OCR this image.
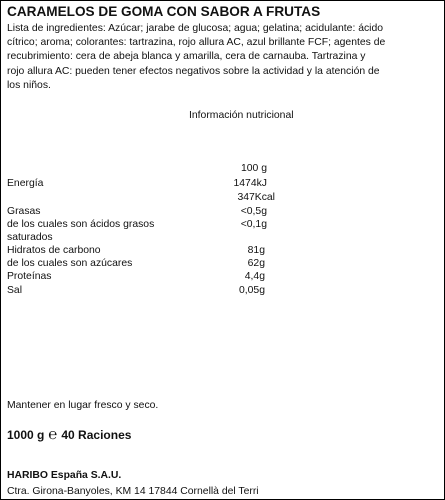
CARAMELOS DE GOMA CON SABOR A FRUTAS
Lista de ingredientes: Azúcar; jarabe de glucosa; agua; gelatina; acidulante: ácido
cítrico; aroma; colorantes: tartrazina, rojo allura AC, azul brillante FCF; agentes de
recubrimiento: cera de abeja blanca y amarilla, cera de carnauba. Tartrazina y
rojo allura AC: pueden tener efectos negativos sobre la actividad y la atención de
los niños.
Información nutricional
100 g
Energía	1474kJ
347Kcal
Grasas	<0,5g
de los cuales son ácidos grasos	<0,1g
saturados
Hidratos de carbono	81g
de los cuales son azúcares	62g
Proteínas	4,4g
Sal	0,05g
Mantener en lugar fresco y seco.
1000 g ℮ 40 Raciones
HARIBO España S.A.U.
Ctra. Girona-Banyoles, KM 14 17844 Cornellà del Terri
